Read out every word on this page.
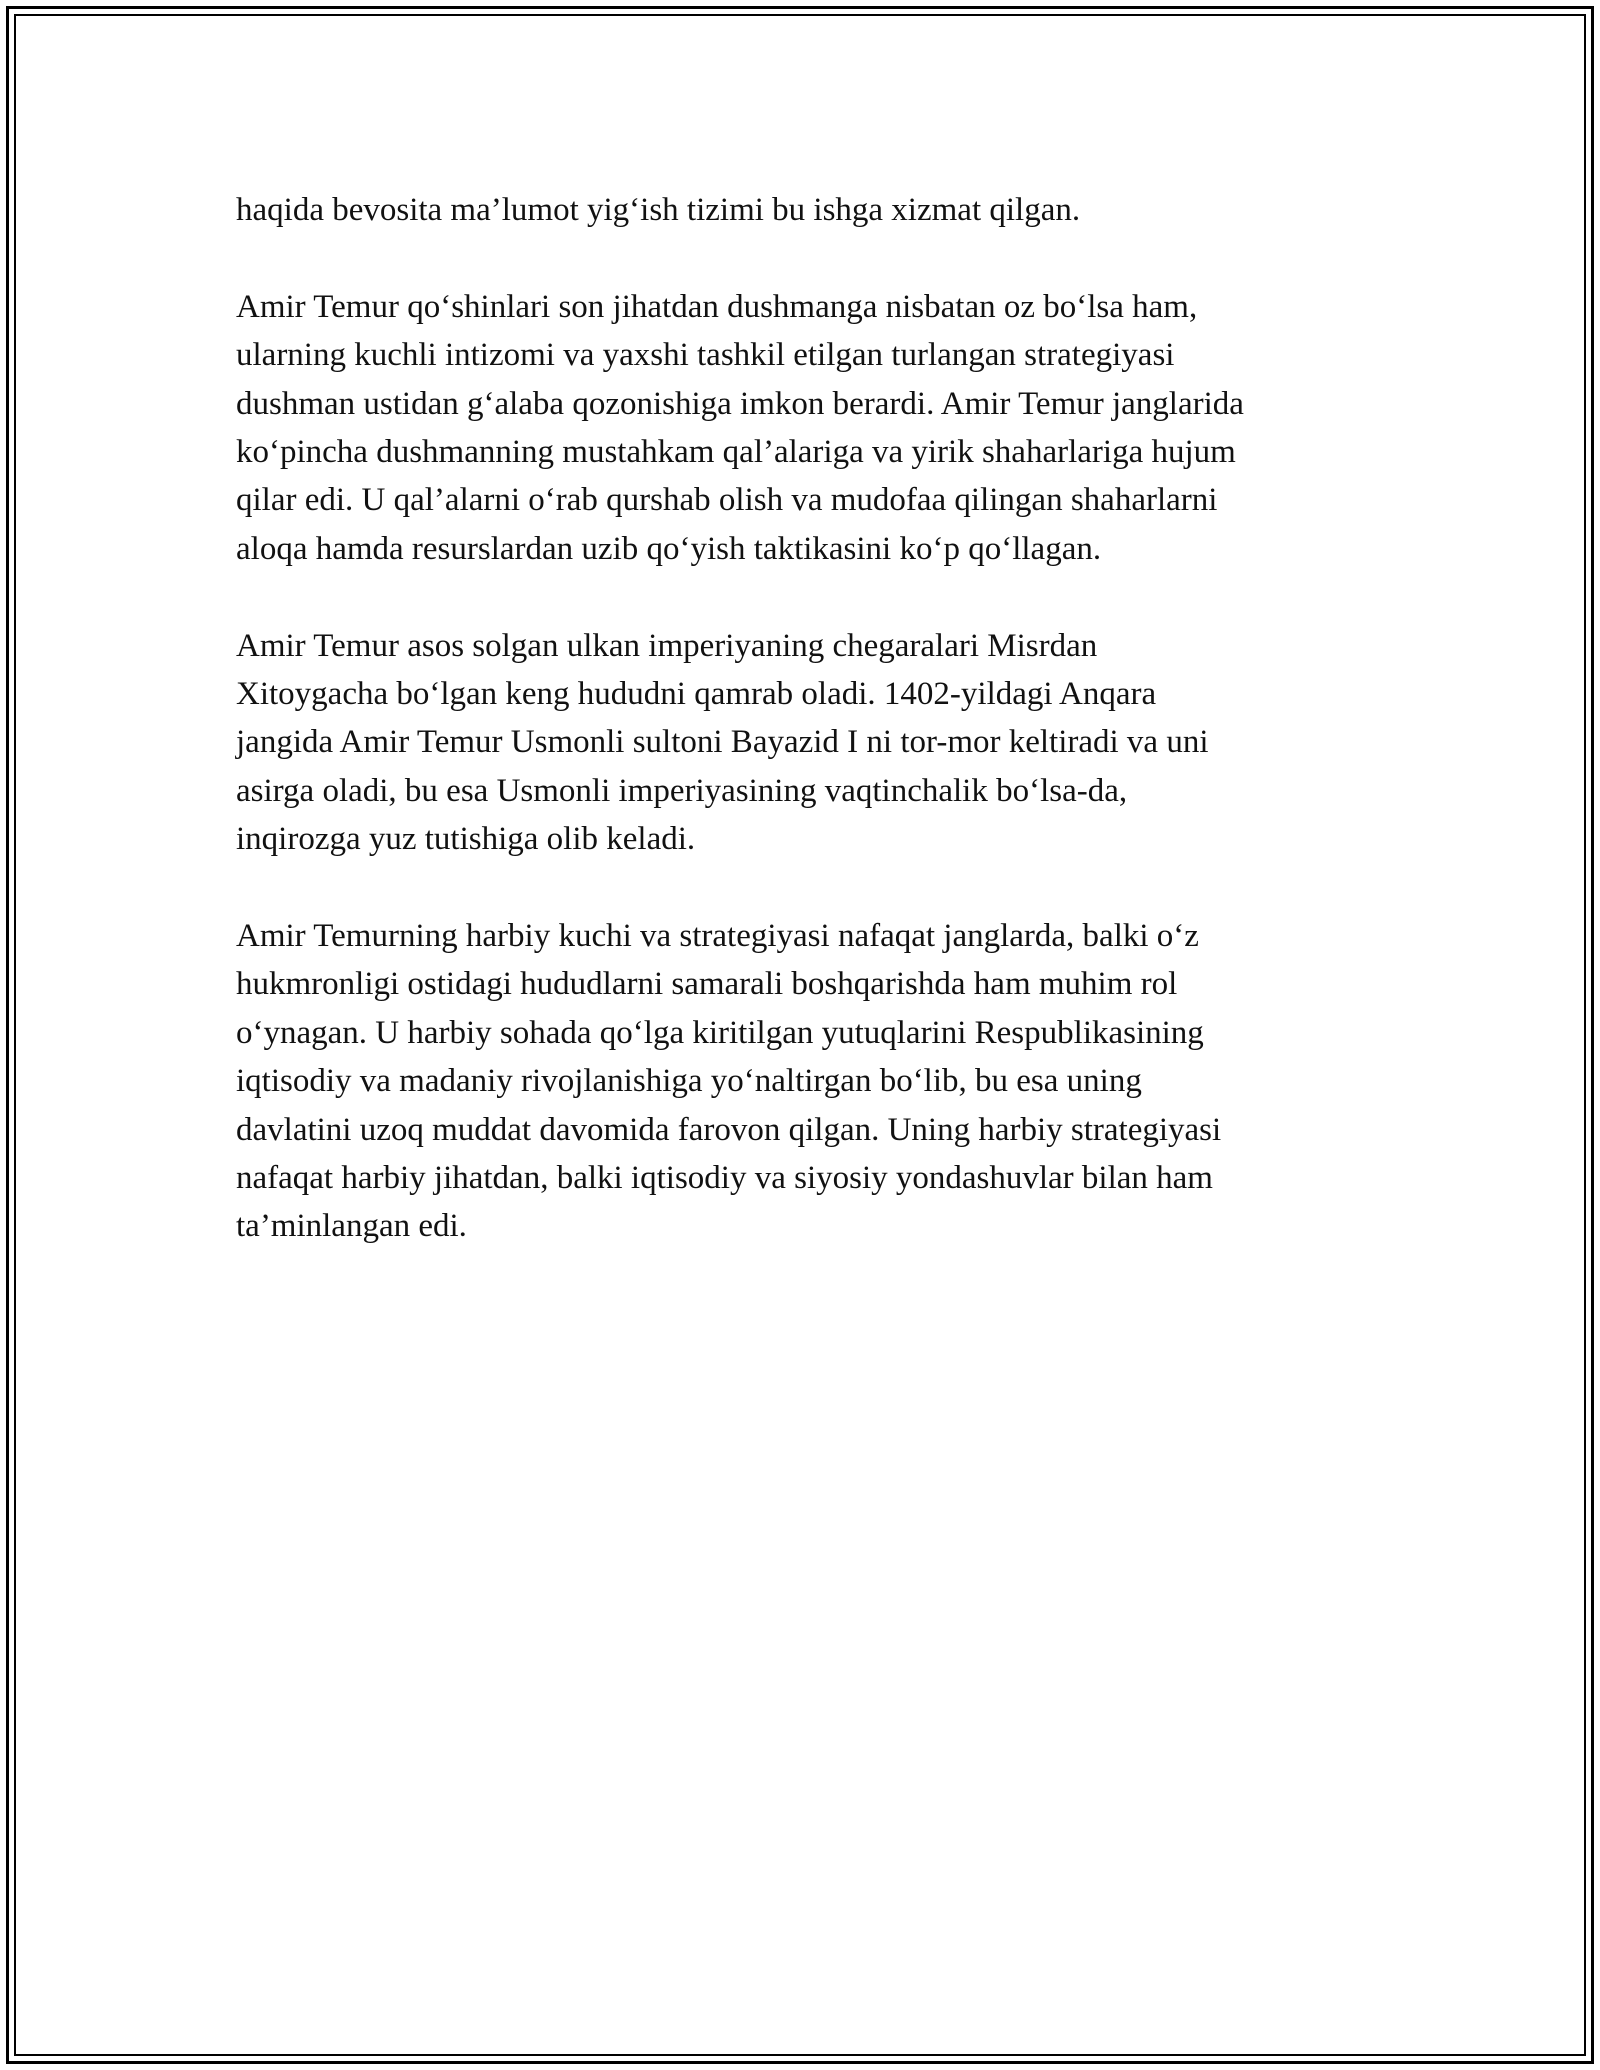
haqida bevosita ma’lumot yig‘ish tizimi bu ishga xizmat qilgan.

Amir Temur qo‘shinlari son jihatdan dushmanga nisbatan oz bo‘lsa ham,
ularning kuchli intizomi va yaxshi tashkil etilgan turlangan strategiyasi
dushman ustidan g‘alaba qozonishiga imkon berardi. Amir Temur janglarida
ko‘pincha dushmanning mustahkam qal’alariga va yirik shaharlariga hujum
qilar edi. U qal’alarni o‘rab qurshab olish va mudofaa qilingan shaharlarni
aloqa hamda resurslardan uzib qo‘yish taktikasini ko‘p qo‘llagan.

Amir Temur asos solgan ulkan imperiyaning chegaralari Misrdan
Xitoygacha bo‘lgan keng hududni qamrab oladi. 1402-yildagi Anqara
jangida Amir Temur Usmonli sultoni Bayazid I ni tor-mor keltiradi va uni
asirga oladi, bu esa Usmonli imperiyasining vaqtinchalik bo‘lsa-da,
inqirozga yuz tutishiga olib keladi.

Amir Temurning harbiy kuchi va strategiyasi nafaqat janglarda, balki o‘z
hukmronligi ostidagi hududlarni samarali boshqarishda ham muhim rol
o‘ynagan. U harbiy sohada qo‘lga kiritilgan yutuqlarini Respublikasining
iqtisodiy va madaniy rivojlanishiga yo‘naltirgan bo‘lib, bu esa uning
davlatini uzoq muddat davomida farovon qilgan. Uning harbiy strategiyasi
nafaqat harbiy jihatdan, balki iqtisodiy va siyosiy yondashuvlar bilan ham
ta’minlangan edi.
